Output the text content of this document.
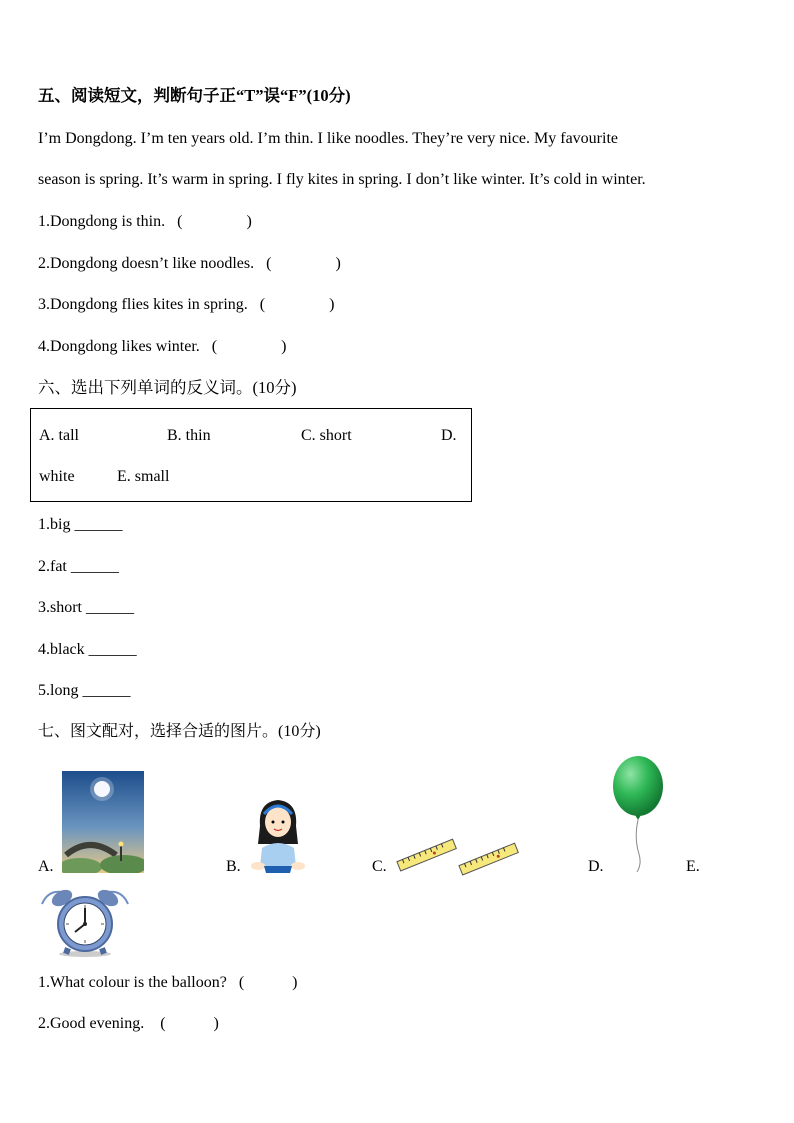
五、阅读短文，判断句子正“T”误“F”(10分)
I’m Dongdong. I’m ten years old. I’m thin. I like noodles. They’re very nice. My favourite
season is spring. It’s warm in spring. I fly kites in spring. I don’t like winter. It’s cold in winter.
1.Dongdong is thin. (　　　　)
2.Dongdong doesn’t like noodles. (　　　　)
3.Dongdong flies kites in spring. (　　　　)
4.Dongdong likes winter. (　　　　)
六、选出下列单词的反义词。(10分)
A. tall	B. thin	C. short	D.
white	E. small
1.big ______
2.fat ______
3.short ______
4.black ______
5.long ______
七、图文配对，选择合适的图片。(10分)
A.	B.	C.	D.	E.
1.What colour is the balloon? (　　　)
2.Good evening. (　　　)
